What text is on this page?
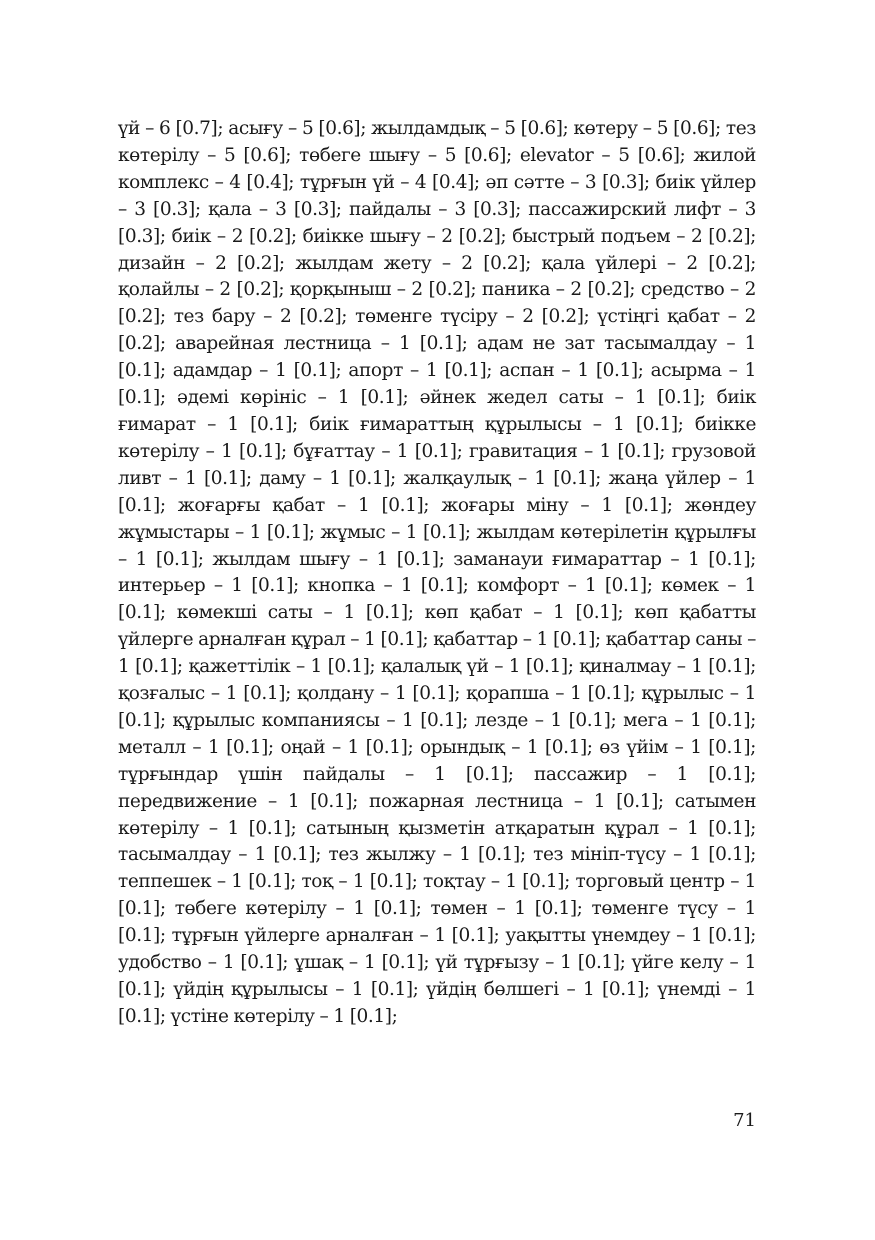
үй – 6 [0.7]; асығу – 5 [0.6]; жылдамдық – 5 [0.6]; көтеру – 5 [0.6]; тез көтерілу – 5 [0.6]; төбеге шығу – 5 [0.6]; elevator – 5 [0.6]; жилой комплекс – 4 [0.4]; тұрғын үй – 4 [0.4]; әп сәтте – 3 [0.3]; биік үйлер – 3 [0.3]; қала – 3 [0.3]; пайдалы – 3 [0.3]; пассажирский лифт – 3 [0.3]; биік – 2 [0.2]; биікке шығу – 2 [0.2]; быстрый подъем – 2 [0.2]; дизайн – 2 [0.2]; жылдам жету – 2 [0.2]; қала үйлері – 2 [0.2]; қолайлы – 2 [0.2]; қорқыныш – 2 [0.2]; паника – 2 [0.2]; средство – 2 [0.2]; тез бару – 2 [0.2]; төменге түсіру – 2 [0.2]; үстіңгі қабат – 2 [0.2]; аварейная лестница – 1 [0.1]; адам не зат тасымалдау – 1 [0.1]; адамдар – 1 [0.1]; апорт – 1 [0.1]; аспан – 1 [0.1]; асырма – 1 [0.1]; әдемі көрініс – 1 [0.1]; әйнек жедел саты – 1 [0.1]; биік ғимарат – 1 [0.1]; биік ғимараттың құрылысы – 1 [0.1]; биікке көтерілу – 1 [0.1]; бұғаттау – 1 [0.1]; гравитация – 1 [0.1]; грузовой ливт – 1 [0.1]; даму – 1 [0.1]; жалқаулық – 1 [0.1]; жаңа үйлер – 1 [0.1]; жоғарғы қабат – 1 [0.1]; жоғары міну – 1 [0.1]; жөндеу жұмыстары – 1 [0.1]; жұмыс – 1 [0.1]; жылдам көтерілетін құрылғы – 1 [0.1]; жылдам шығу – 1 [0.1]; заманауи ғимараттар – 1 [0.1]; интерьер – 1 [0.1]; кнопка – 1 [0.1]; комфорт – 1 [0.1]; көмек – 1 [0.1]; көмекші саты – 1 [0.1]; көп қабат – 1 [0.1]; көп қабатты үйлерге арналған құрал – 1 [0.1]; қабаттар – 1 [0.1]; қабаттар саны – 1 [0.1]; қажеттілік – 1 [0.1]; қалалық үй – 1 [0.1]; қиналмау – 1 [0.1]; қозғалыс – 1 [0.1]; қолдану – 1 [0.1]; қорапша – 1 [0.1]; құрылыс – 1 [0.1]; құрылыс компаниясы – 1 [0.1]; лезде – 1 [0.1]; мега – 1 [0.1]; металл – 1 [0.1]; оңай – 1 [0.1]; орындық – 1 [0.1]; өз үйім – 1 [0.1]; тұрғындар үшін пайдалы – 1 [0.1]; пассажир – 1 [0.1]; передвижение – 1 [0.1]; пожарная лестница – 1 [0.1]; сатымен көтерілу – 1 [0.1]; сатының қызметін атқаратын құрал – 1 [0.1]; тасымалдау – 1 [0.1]; тез жылжу – 1 [0.1]; тез мініп-түсу – 1 [0.1]; теппешек – 1 [0.1]; тоқ – 1 [0.1]; тоқтау – 1 [0.1]; торговый центр – 1 [0.1]; төбеге көтерілу – 1 [0.1]; төмен – 1 [0.1]; төменге түсу – 1 [0.1]; тұрғын үйлерге арналған – 1 [0.1]; уақытты үнемдеу – 1 [0.1]; удобство – 1 [0.1]; ұшақ – 1 [0.1]; үй тұрғызу – 1 [0.1]; үйге келу – 1 [0.1]; үйдің құрылысы – 1 [0.1]; үйдің бөлшегі – 1 [0.1]; үнемді – 1 [0.1]; үстіне көтерілу – 1 [0.1];

71
